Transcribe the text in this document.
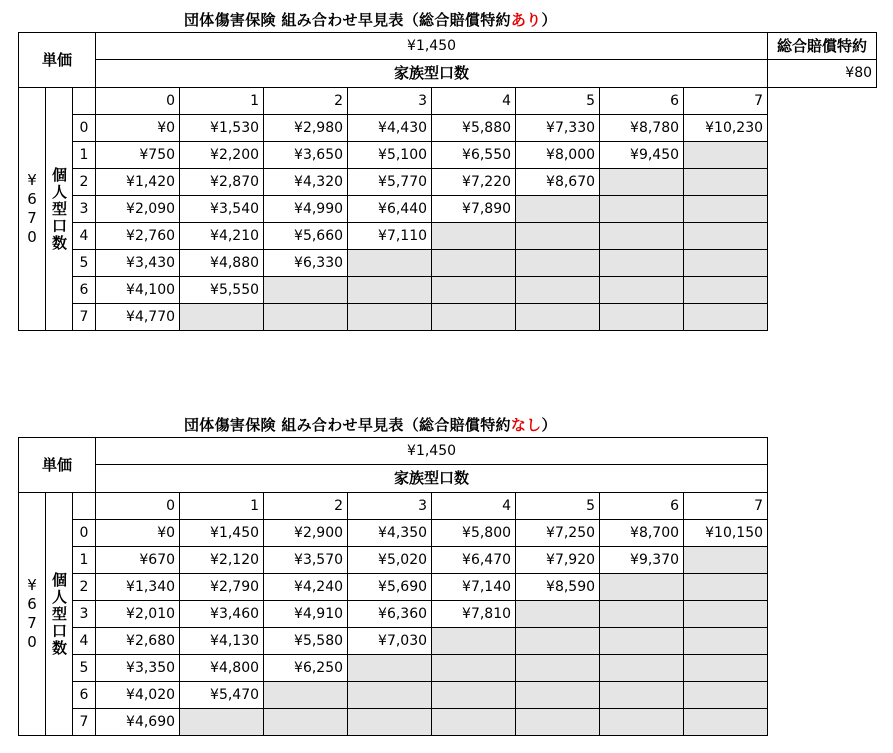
団体傷害保険 組み合わせ早見表（総合賠償特約あり）
単価			¥1,450								総合賠償特約
			家族型口数								¥80
¥670	個人型口数		0	1	2	3	4	5	6	7	
		0	¥0	¥1,530	¥2,980	¥4,430	¥5,880	¥7,330	¥8,780	¥10,230	
		1	¥750	¥2,200	¥3,650	¥5,100	¥6,550	¥8,000	¥9,450		
		2	¥1,420	¥2,870	¥4,320	¥5,770	¥7,220	¥8,670			
		3	¥2,090	¥3,540	¥4,990	¥6,440	¥7,890				
		4	¥2,760	¥4,210	¥5,660	¥7,110					
		5	¥3,430	¥4,880	¥6,330						
		6	¥4,100	¥5,550							
		7	¥4,770								
団体傷害保険 組み合わせ早見表（総合賠償特約なし）
単価			¥1,450							
			家族型口数							
¥670	個人型口数		0	1	2	3	4	5	6	7
		0	¥0	¥1,450	¥2,900	¥4,350	¥5,800	¥7,250	¥8,700	¥10,150
		1	¥670	¥2,120	¥3,570	¥5,020	¥6,470	¥7,920	¥9,370	
		2	¥1,340	¥2,790	¥4,240	¥5,690	¥7,140	¥8,590		
		3	¥2,010	¥3,460	¥4,910	¥6,360	¥7,810			
		4	¥2,680	¥4,130	¥5,580	¥7,030				
		5	¥3,350	¥4,800	¥6,250					
		6	¥4,020	¥5,470						
		7	¥4,690							
